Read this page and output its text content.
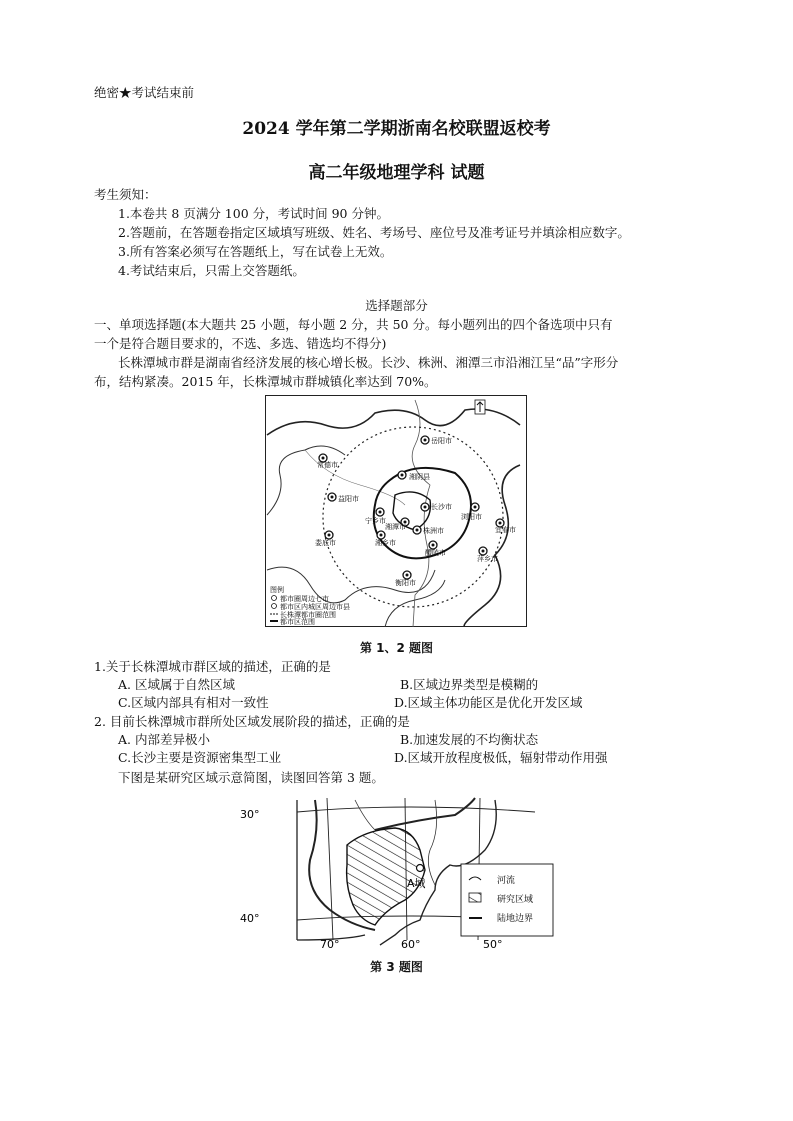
绝密★考试结束前
2024 学年第二学期浙南名校联盟返校考
高二年级地理学科 试题
考生须知：
1.本卷共 8 页满分 100 分，考试时间 90 分钟。
2.答题前，在答题卷指定区域填写班级、姓名、考场号、座位号及准考证号并填涂相应数字。
3.所有答案必须写在答题纸上，写在试卷上无效。
4.考试结束后，只需上交答题纸。
选择题部分
一、单项选择题(本大题共 25 小题，每小题 2 分，共 50 分。每小题列出的四个备选项中只有
一个是符合题目要求的，不选、多选、错选均不得分)
长株潭城市群是湖南省经济发展的核心增长极。长沙、株洲、湘潭三市沿湘江呈“品”字形分
布，结构紧凑。2015 年，长株潭城市群城镇化率达到 70%。
岳阳市
常德市
湘阴县
益阳市
长沙市
浏阳市
宁乡市
湘潭市 株洲市	宜春市
娄底市	湘乡市
醴陵市
萍乡市
衡阳市
图例
都市圈周边七市
都市区内城区周边市县
长株潭都市圈范围
都市区范围
第 1、2 题图
1.关于长株潭城市群区域的描述，正确的是
A. 区域属于自然区域	B.区域边界类型是模糊的
C.区域内部具有相对一致性	D.区域主体功能区是优化开发区域
2. 目前长株潭城市群所处区域发展阶段的描述，正确的是
A. 内部差异极小	B.加速发展的不均衡状态
C.长沙主要是资源密集型工业	D.区域开放程度极低，辐射带动作用强
下图是某研究区域示意简图，读图回答第 3 题。
A城
30°
40°
70°	60°	50°
河流
研究区域
陆地边界
第 3 题图
